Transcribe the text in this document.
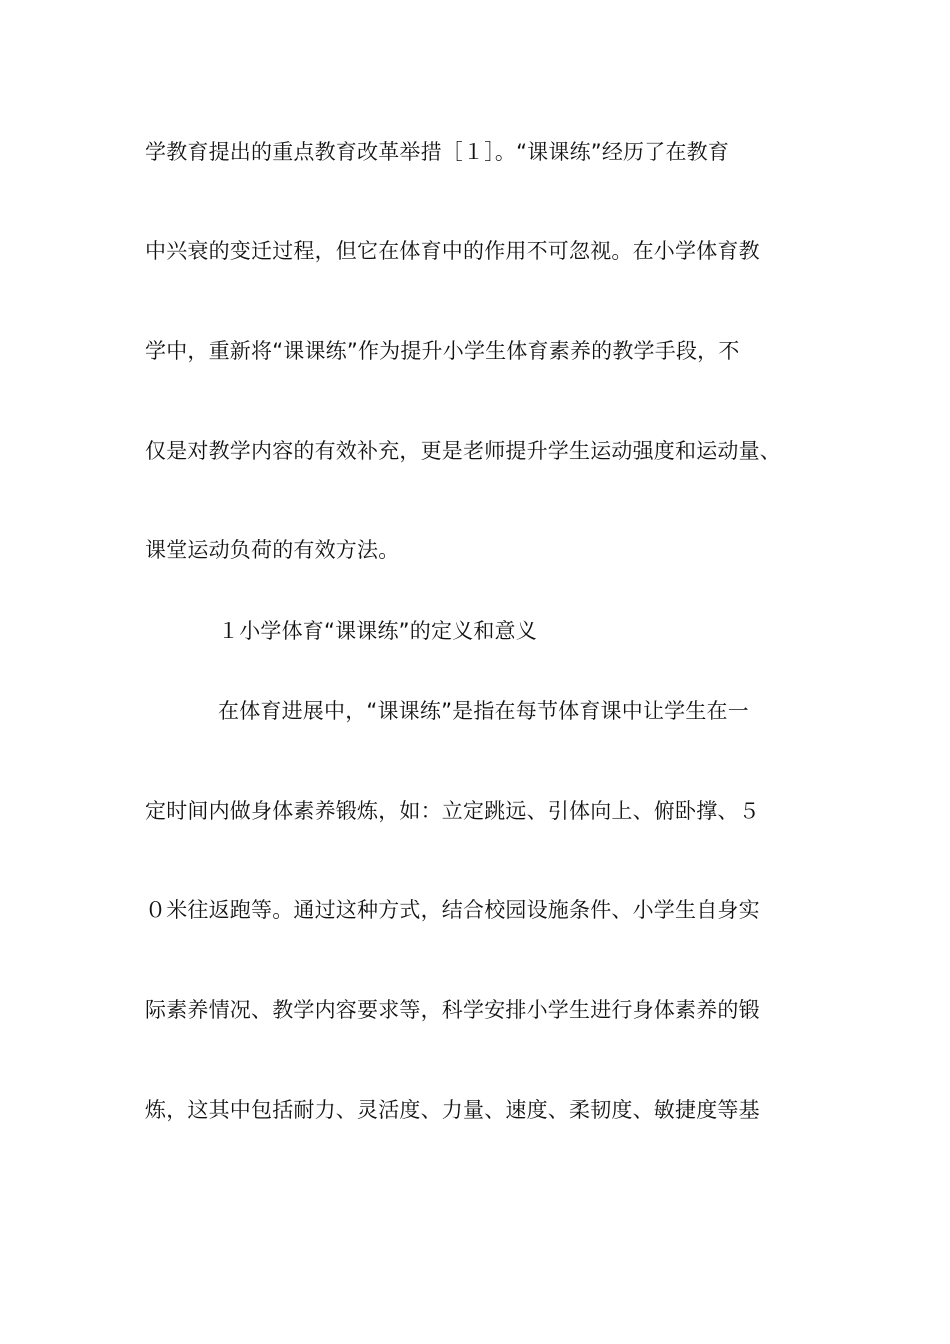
学教育提出的重点教育改革举措［１］。“课课练”经历了在教育
中兴衰的变迁过程，但它在体育中的作用不可忽视。在小学体育教
学中，重新将“课课练”作为提升小学生体育素养的教学手段，不
仅是对教学内容的有效补充，更是老师提升学生运动强度和运动量、
课堂运动负荷的有效方法。
１小学体育“课课练”的定义和意义
在体育进展中，“课课练”是指在每节体育课中让学生在一
定时间内做身体素养锻炼，如：立定跳远、引体向上、俯卧撑、５
０米往返跑等。通过这种方式，结合校园设施条件、小学生自身实
际素养情况、教学内容要求等，科学安排小学生进行身体素养的锻
炼，这其中包括耐力、灵活度、力量、速度、柔韧度、敏捷度等基
